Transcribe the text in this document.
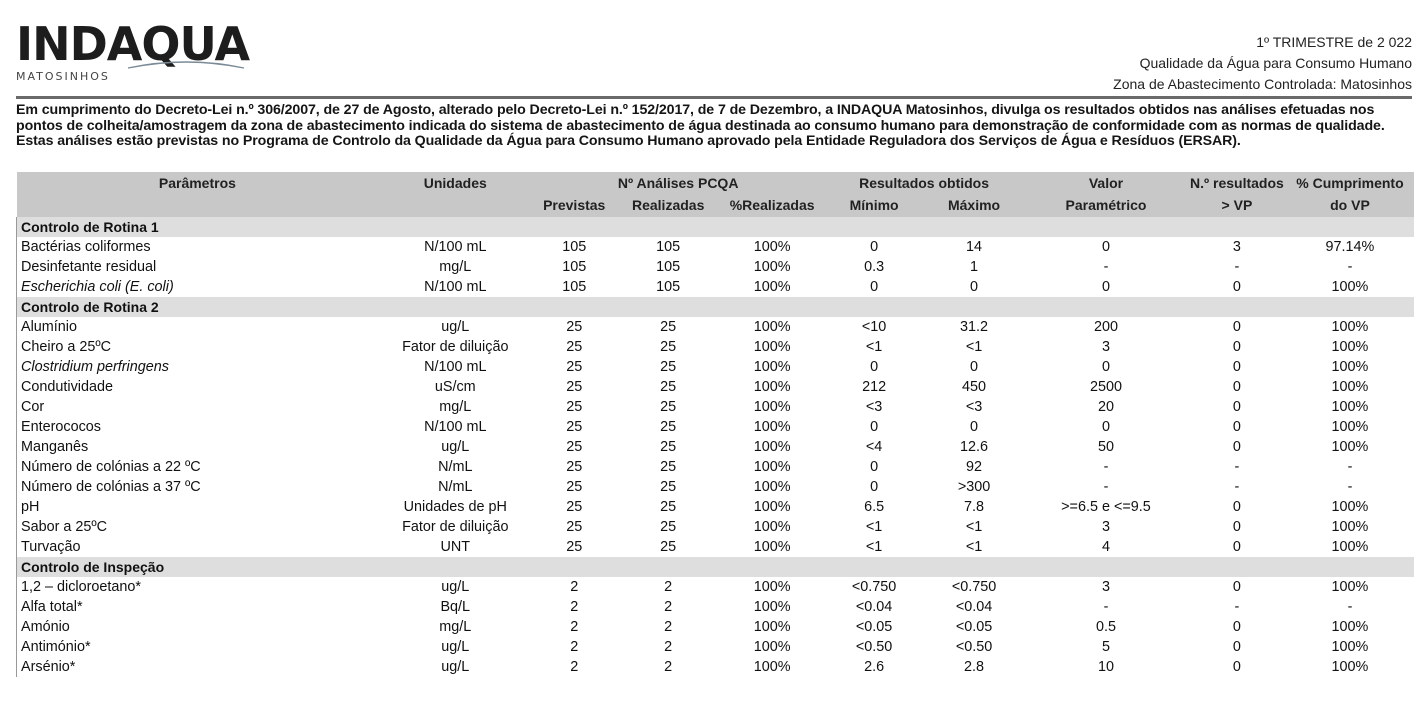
INDAQUA
MATOSINHOS
1º TRIMESTRE de 2 022
Qualidade da Água para Consumo Humano
Zona de Abastecimento Controlada: Matosinhos
Em cumprimento do Decreto-Lei n.º 306/2007, de 27 de Agosto, alterado pelo Decreto-Lei n.º 152/2017, de 7 de Dezembro, a INDAQUA Matosinhos, divulga os resultados obtidos nas análises efetuadas nos pontos de colheita/amostragem da zona de abastecimento indicada do sistema de abastecimento de água destinada ao consumo humano para demonstração de conformidade com as normas de qualidade. Estas análises estão previstas no Programa de Controlo da Qualidade da Água para Consumo Humano aprovado pela Entidade Reguladora dos Serviços de Água e Resíduos (ERSAR).
Parâmetros	Unidades	Nº Análises PCQA			Resultados obtidos		Valor	N.º resultados	% Cumprimento
		Previstas	Realizadas	%Realizadas	Mínimo	Máximo	Paramétrico	> VP	do VP
Controlo de Rotina 1									
Bactérias coliformes	N/100 mL	105	105	100%	0	14	0	3	97.14%
Desinfetante residual	mg/L	105	105	100%	0.3	1	-	-	-
Escherichia coli (E. coli)	N/100 mL	105	105	100%	0	0	0	0	100%
Controlo de Rotina 2									
Alumínio	ug/L	25	25	100%	<10	31.2	200	0	100%
Cheiro a 25ºC	Fator de diluição	25	25	100%	<1	<1	3	0	100%
Clostridium perfringens	N/100 mL	25	25	100%	0	0	0	0	100%
Condutividade	uS/cm	25	25	100%	212	450	2500	0	100%
Cor	mg/L	25	25	100%	<3	<3	20	0	100%
Enterococos	N/100 mL	25	25	100%	0	0	0	0	100%
Manganês	ug/L	25	25	100%	<4	12.6	50	0	100%
Número de colónias a 22 ºC	N/mL	25	25	100%	0	92	-	-	-
Número de colónias a 37 ºC	N/mL	25	25	100%	0	>300	-	-	-
pH	Unidades de pH	25	25	100%	6.5	7.8	>=6.5 e <=9.5	0	100%
Sabor a 25ºC	Fator de diluição	25	25	100%	<1	<1	3	0	100%
Turvação	UNT	25	25	100%	<1	<1	4	0	100%
Controlo de Inspeção									
1,2 – dicloroetano*	ug/L	2	2	100%	<0.750	<0.750	3	0	100%
Alfa total*	Bq/L	2	2	100%	<0.04	<0.04	-	-	-
Amónio	mg/L	2	2	100%	<0.05	<0.05	0.5	0	100%
Antimónio*	ug/L	2	2	100%	<0.50	<0.50	5	0	100%
Arsénio*	ug/L	2	2	100%	2.6	2.8	10	0	100%
